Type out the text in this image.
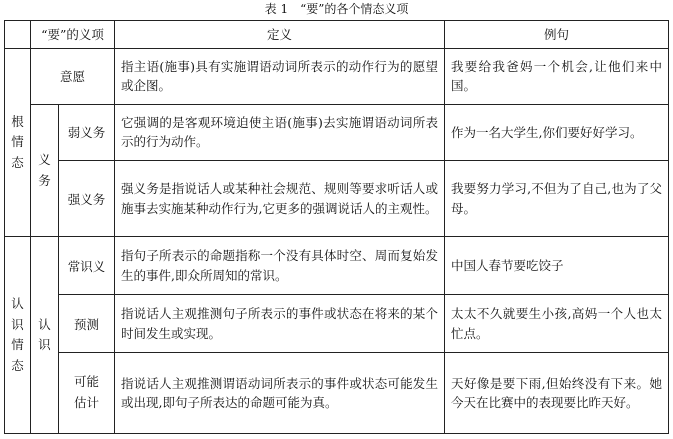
表 1　“要”的各个情态义项
	“要”的义项		定义	例句
根情态	意愿		指主语(施事)具有实施谓语动词所表示的动作行为的愿望或企图。	我要给我爸妈一个机会,让他们来中国。
	义务	弱义务	它强调的是客观环境迫使主语(施事)去实施谓语动词所表示的行为动作。	作为一名大学生,你们要好好学习。
		强义务	强义务是指说话人或某种社会规范、规则等要求听话人或施事去实施某种动作行为,它更多的强调说话人的主观性。	我要努力学习,不但为了自己,也为了父母。
认识情态	认识	常识义	指句子所表示的命题指称一个没有具体时空、周而复始发生的事件,即众所周知的常识。	中国人春节要吃饺子
		预测	指说话人主观推测句子所表示的事件或状态在将来的某个时间发生或实现。	太太不久就要生小孩,高妈一个人也太忙点。
		可能估计	指说话人主观推测谓语动词所表示的事件或状态可能发生或出现,即句子所表达的命题可能为真。	天好像是要下雨,但始终没有下来。她今天在比赛中的表现要比昨天好。
